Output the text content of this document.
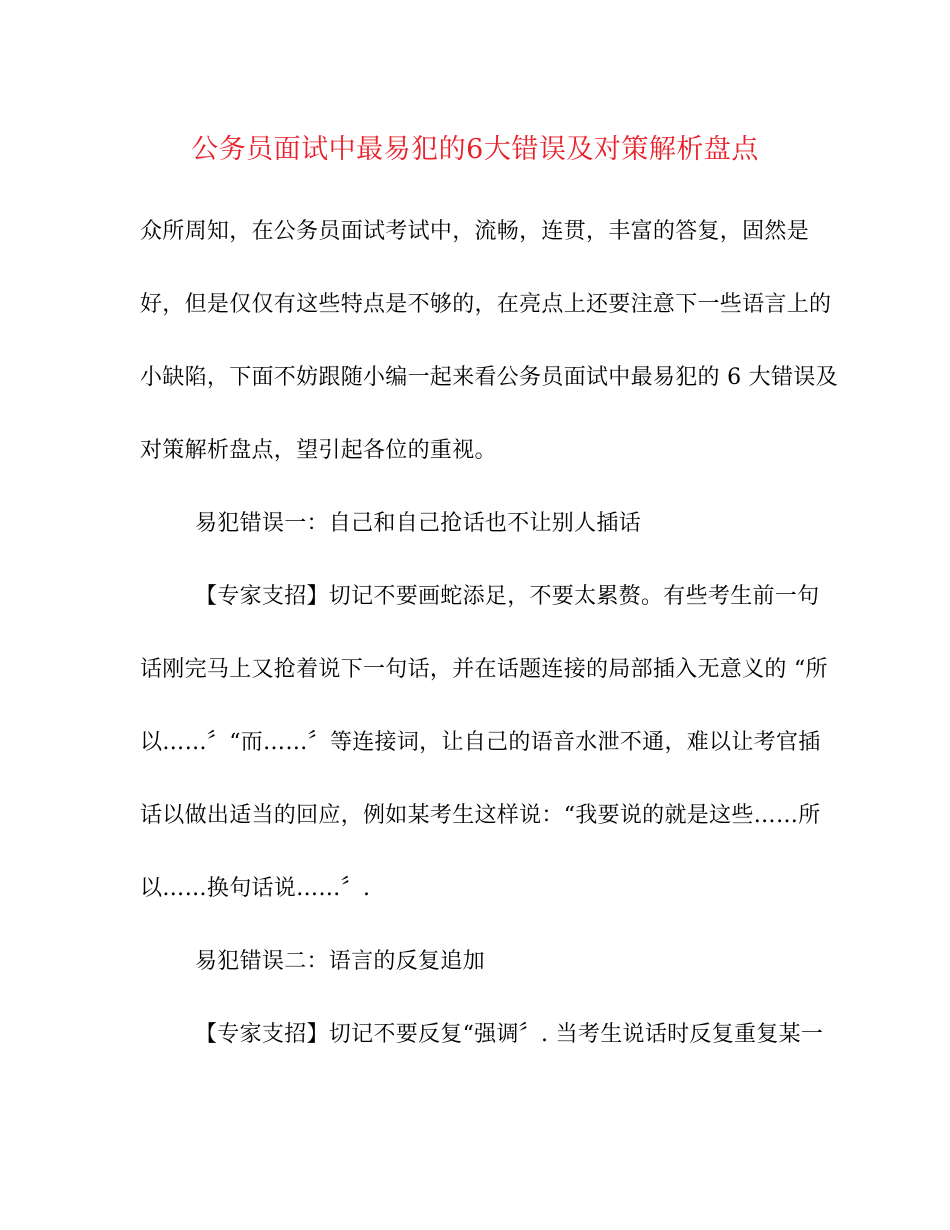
公务员面试中最易犯的6大错误及对策解析盘点
众所周知，在公务员面试考试中，流畅，连贯，丰富的答复，固然是
好，但是仅仅有这些特点是不够的，在亮点上还要注意下一些语言上的
小缺陷，下面不妨跟随小编一起来看公务员面试中最易犯的 6 大错误及
对策解析盘点，望引起各位的重视。
易犯错误一：自己和自己抢话也不让别人插话
【专家支招】切记不要画蛇添足，不要太累赘。有些考生前一句
话刚完马上又抢着说下一句话，并在话题连接的局部插入无意义的 “所
以……〞“而……〞等连接词，让自己的语音水泄不通，难以让考官插
话以做出适当的回应，例如某考生这样说：“我要说的就是这些……所
以……换句话说……〞.
易犯错误二：语言的反复追加
【专家支招】切记不要反复“强调〞. 当考生说话时反复重复某一
